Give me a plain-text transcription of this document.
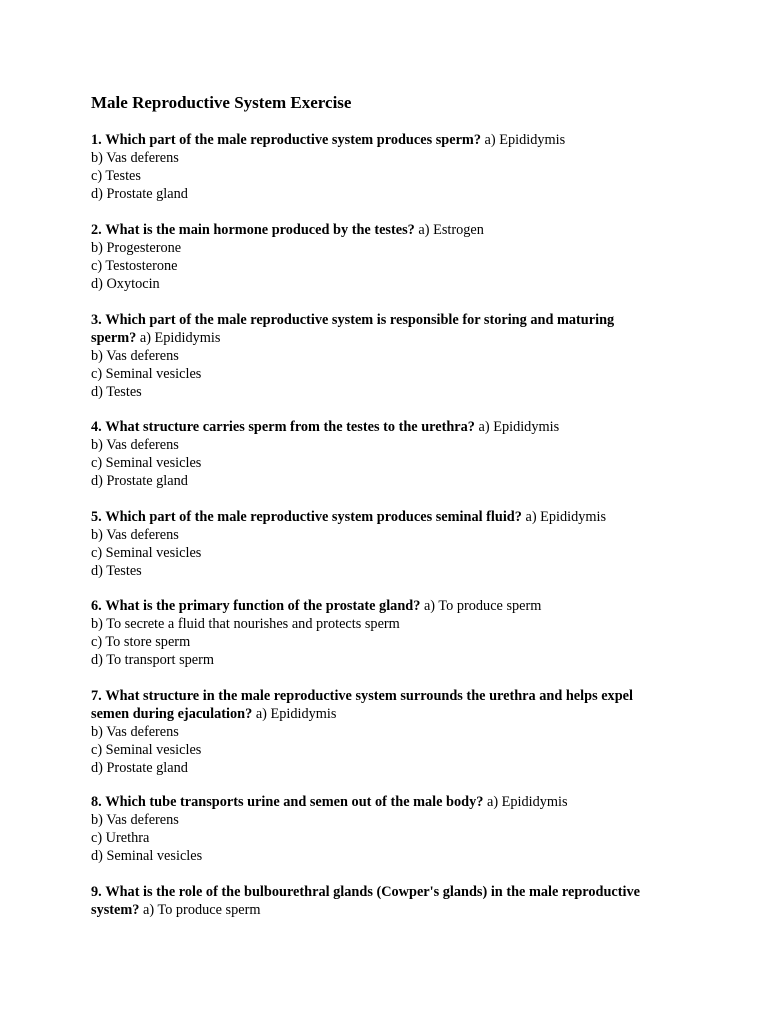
Male Reproductive System Exercise
1. Which part of the male reproductive system produces sperm? a) Epididymis
b) Vas deferens
c) Testes
d) Prostate gland
2. What is the main hormone produced by the testes? a) Estrogen
b) Progesterone
c) Testosterone
d) Oxytocin
3. Which part of the male reproductive system is responsible for storing and maturing
sperm? a) Epididymis
b) Vas deferens
c) Seminal vesicles
d) Testes
4. What structure carries sperm from the testes to the urethra? a) Epididymis
b) Vas deferens
c) Seminal vesicles
d) Prostate gland
5. Which part of the male reproductive system produces seminal fluid? a) Epididymis
b) Vas deferens
c) Seminal vesicles
d) Testes
6. What is the primary function of the prostate gland? a) To produce sperm
b) To secrete a fluid that nourishes and protects sperm
c) To store sperm
d) To transport sperm
7. What structure in the male reproductive system surrounds the urethra and helps expel
semen during ejaculation? a) Epididymis
b) Vas deferens
c) Seminal vesicles
d) Prostate gland
8. Which tube transports urine and semen out of the male body? a) Epididymis
b) Vas deferens
c) Urethra
d) Seminal vesicles
9. What is the role of the bulbourethral glands (Cowper's glands) in the male reproductive
system? a) To produce sperm
